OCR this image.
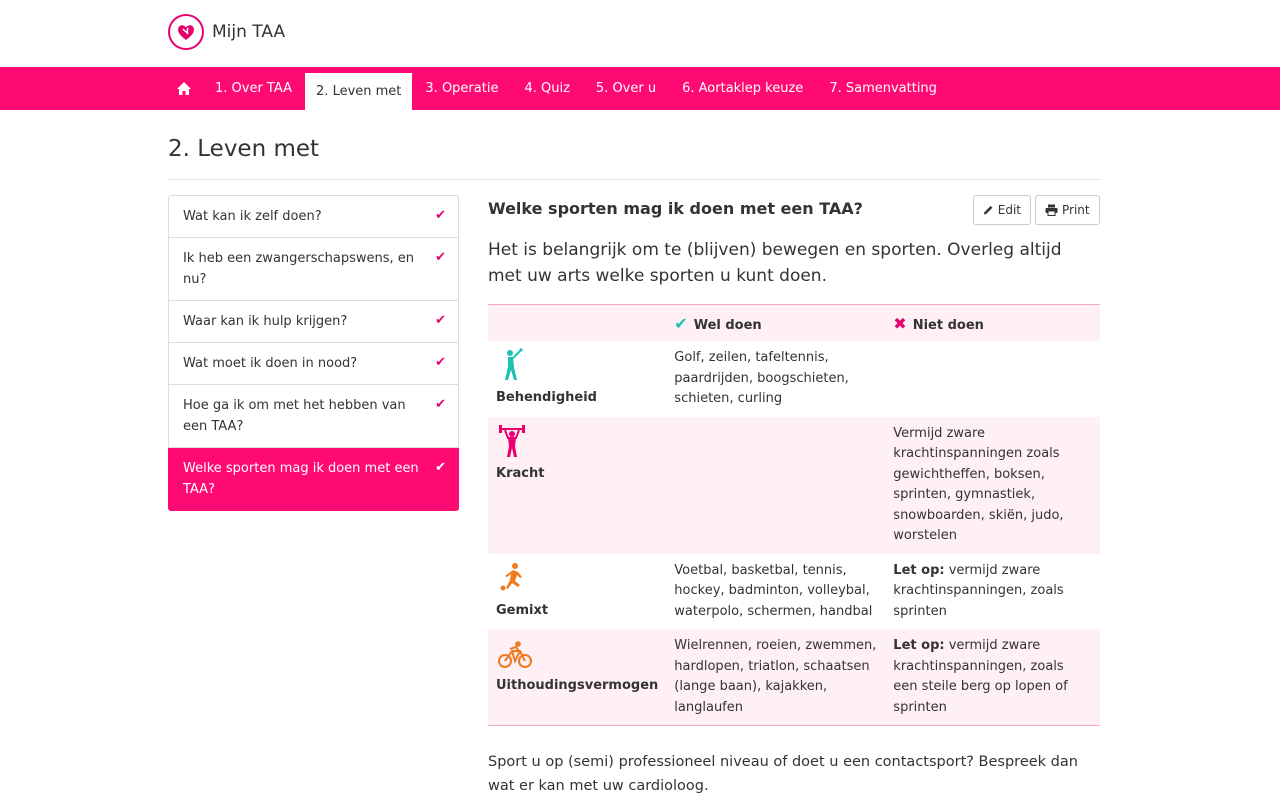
Mijn TAA
1. Over TAA	2. Leven met	3. Operatie	4. Quiz	5. Over u	6. Aortaklep keuze	7. Samenvatting
2. Leven met
Wat kan ik zelf doen?	✔
Ik heb een zwangerschapswens, en nu?
✔
Waar kan ik hulp krijgen?	✔
Wat moet ik doen in nood?	✔
Hoe ga ik om met het hebben van een TAA?
✔
Welke sporten mag ik doen met een TAA?
✔
Welke sporten mag ik doen met een TAA?	Edit	Print

Het is belangrijk om te (blijven) bewegen en sporten. Overleg altijd met uw arts welke sporten u kunt doen.

	✔ Wel doen	✖ Niet doen

Behendigheid	Golf, zeilen, tafeltennis, paardrijden, boogschieten, schieten, curling	

Kracht		Vermijd zware krachtinspanningen zoals gewichtheffen, boksen, sprinten, gymnastiek, snowboarden, skiën, judo, worstelen

Gemixt	Voetbal, basketbal, tennis, hockey, badminton, volleybal, waterpolo, schermen, handbal	Let op: vermijd zware krachtinspanningen, zoals sprinten

Uithoudingsvermogen	Wielrennen, roeien, zwemmen, hardlopen, triatlon, schaatsen (lange baan), kajakken, langlaufen	Let op: vermijd zware krachtinspanningen, zoals een steile berg op lopen of sprinten

Sport u op (semi) professioneel niveau of doet u een contactsport? Bespreek dan wat er kan met uw cardioloog.
